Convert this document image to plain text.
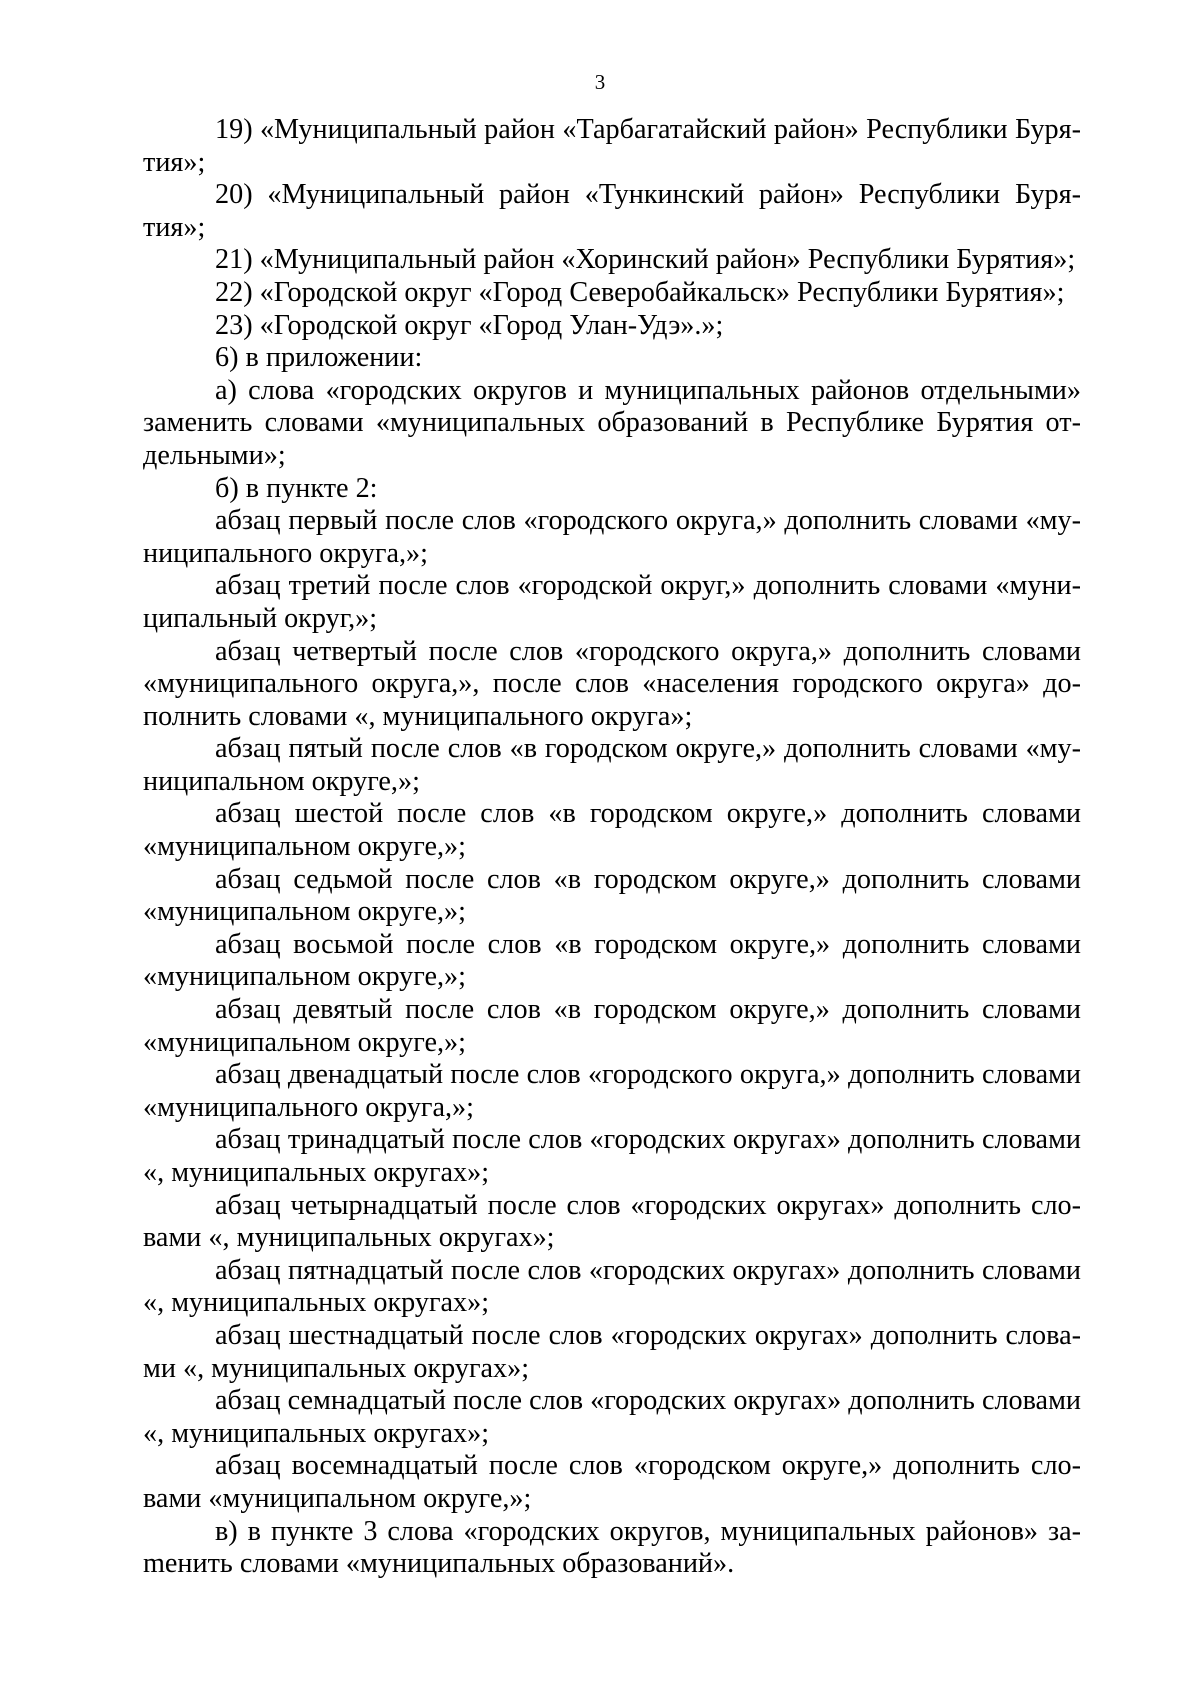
3

19) «Муниципальный район «Тарбагатайский район» Республики Бурятия»;

20) «Муниципальный район «Тункинский район» Республики Бурятия»;

21) «Муниципальный район «Хоринский район» Республики Бурятия»;

22) «Городской округ «Город Северобайкальск» Республики Бурятия»;

23) «Городской округ «Город Улан-Удэ».»;

6) в приложении:

а) слова «городских округов и муниципальных районов отдельными» заменить словами «муниципальных образований в Республике Бурятия отдельными»;

б) в пункте 2:

абзац первый после слов «городского округа,» дополнить словами «муниципального округа,»;

абзац третий после слов «городской округ,» дополнить словами «муниципальный округ,»;

абзац четвертый после слов «городского округа,» дополнить словами «муниципального округа,», после слов «населения городского округа» дополнить словами «, муниципального округа»;

абзац пятый после слов «в городском округе,» дополнить словами «муниципальном округе,»;

абзац шестой после слов «в городском округе,» дополнить словами «муниципальном округе,»;

абзац седьмой после слов «в городском округе,» дополнить словами «муниципальном округе,»;

абзац восьмой после слов «в городском округе,» дополнить словами «муниципальном округе,»;

абзац девятый после слов «в городском округе,» дополнить словами «муниципальном округе,»;

абзац двенадцатый после слов «городского округа,» дополнить словами «муниципального округа,»;

абзац тринадцатый после слов «городских округах» дополнить словами «, муниципальных округах»;

абзац четырнадцатый после слов «городских округах» дополнить словами «, муниципальных округах»;

абзац пятнадцатый после слов «городских округах» дополнить словами «, муниципальных округах»;

абзац шестнадцатый после слов «городских округах» дополнить словами «, муниципальных округах»;

абзац семнадцатый после слов «городских округах» дополнить словами «, муниципальных округах»;

абзац восемнадцатый после слов «городском округе,» дополнить словами «муниципальном округе,»;

в) в пункте 3 слова «городских округов, муниципальных районов» заmенить словами «муниципальных образований».
